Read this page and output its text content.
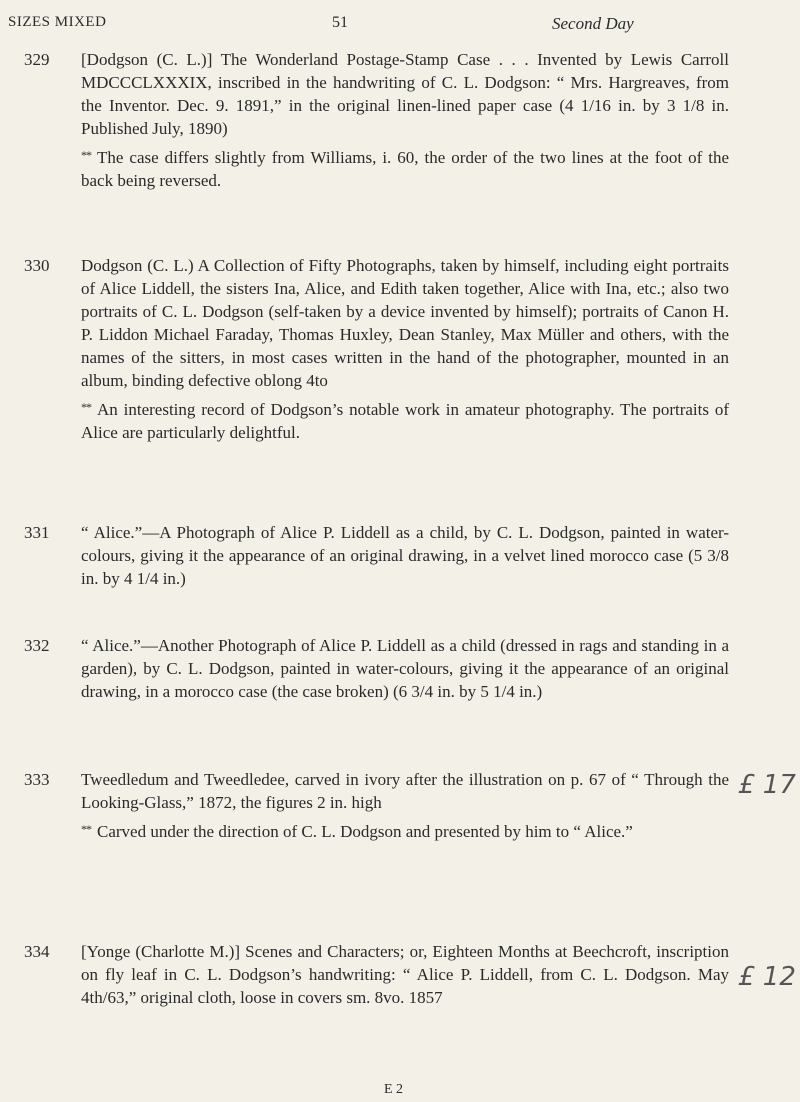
SIZES MIXED	51	Second Day
329 [Dodgson (C. L.)] The Wonderland Postage-Stamp Case . . . Invented by Lewis Carroll MDCCCLXXXIX, inscribed in the handwriting of C. L. Dodgson: “ Mrs. Hargreaves, from the Inventor. Dec. 9. 1891,” in the original linen-lined paper case (4 1/16 in. by 3 1/8 in. Published July, 1890)

** The case differs slightly from Williams, i. 60, the order of the two lines at the foot of the back being reversed.

330 Dodgson (C. L.) A Collection of Fifty Photographs, taken by himself, including eight portraits of Alice Liddell, the sisters Ina, Alice, and Edith taken together, Alice with Ina, etc.; also two portraits of C. L. Dodgson (self-taken by a device invented by himself); portraits of Canon H. P. Liddon Michael Faraday, Thomas Huxley, Dean Stanley, Max Müller and others, with the names of the sitters, in most cases written in the hand of the photographer, mounted in an album, binding defective oblong 4to

** An interesting record of Dodgson’s notable work in amateur photography. The portraits of Alice are particularly delightful.

331 “ Alice.”—A Photograph of Alice P. Liddell as a child, by C. L. Dodgson, painted in water-colours, giving it the appearance of an original drawing, in a velvet lined morocco case (5 3/8 in. by 4 1/4 in.)

332 “ Alice.”—Another Photograph of Alice P. Liddell as a child (dressed in rags and standing in a garden), by C. L. Dodgson, painted in water-colours, giving it the appearance of an original drawing, in a morocco case (the case broken) (6 3/4 in. by 5 1/4 in.)

333 Tweedledum and Tweedledee, carved in ivory after the illustration on p. 67 of “ Through the Looking-Glass,” 1872, the figures 2 in. high

** Carved under the direction of C. L. Dodgson and presented by him to “ Alice.”

334 [Yonge (Charlotte M.)] Scenes and Characters; or, Eighteen Months at Beechcroft, inscription on fly leaf in C. L. Dodgson’s handwriting: “ Alice P. Liddell, from C. L. Dodgson. May 4th/63,” original cloth, loose in covers sm. 8vo. 1857

£ 17
£ 12
E 2
